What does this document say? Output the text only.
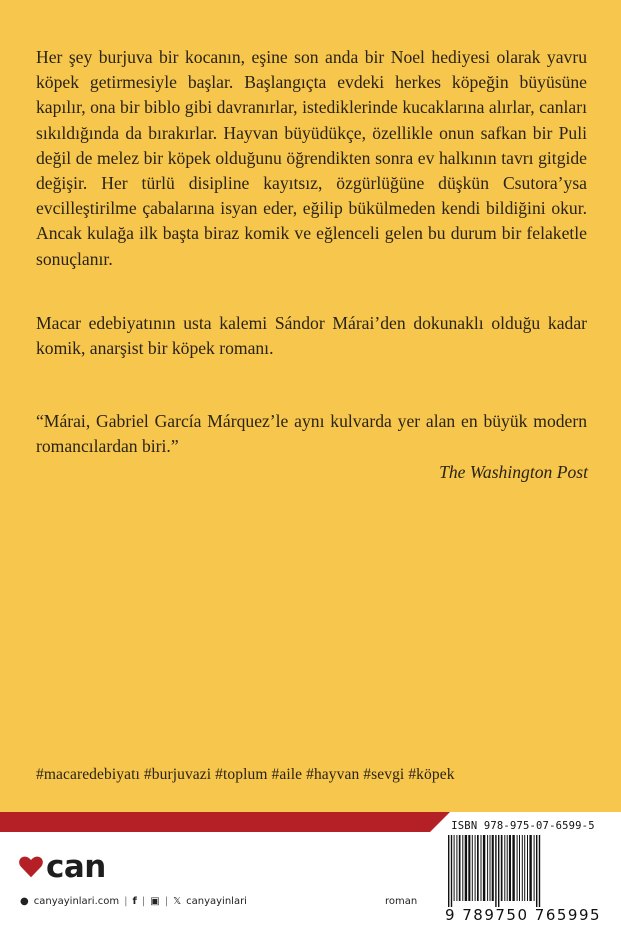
Her şey burjuva bir kocanın, eşine son anda bir Noel hediyesi olarak yavru köpek getirmesiyle başlar. Başlangıçta evdeki herkes köpeğin büyüsüne kapılır, ona bir biblo gibi davranırlar, istediklerinde kucaklarına alırlar, canları sıkıldığında da bırakırlar. Hayvan büyüdükçe, özellikle onun safkan bir Puli değil de melez bir köpek olduğunu öğrendikten sonra ev halkının tavrı gitgide değişir. Her türlü disipline kayıtsız, özgürlüğüne düşkün Csutora’ysa evcilleştirilme çabalarına isyan eder, eğilip bükülmeden kendi bildiğini okur. Ancak kulağa ilk başta biraz komik ve eğlenceli gelen bu durum bir felaketle sonuçlanır.

Macar edebiyatının usta kalemi Sándor Márai’den dokunaklı olduğu kadar komik, anarşist bir köpek romanı.

“Márai, Gabriel García Márquez’le aynı kulvarda yer alan en büyük modern romancılardan biri.”

The Washington Post

#macaredebiyatı #burjuvazi #toplum #aile #hayvan #sevgi #köpek

can
● canyayinlari.com | f | ▣ | 𝕏 canyayinlari	roman
ISBN 978-975-07-6599-5
9 789750 765995
